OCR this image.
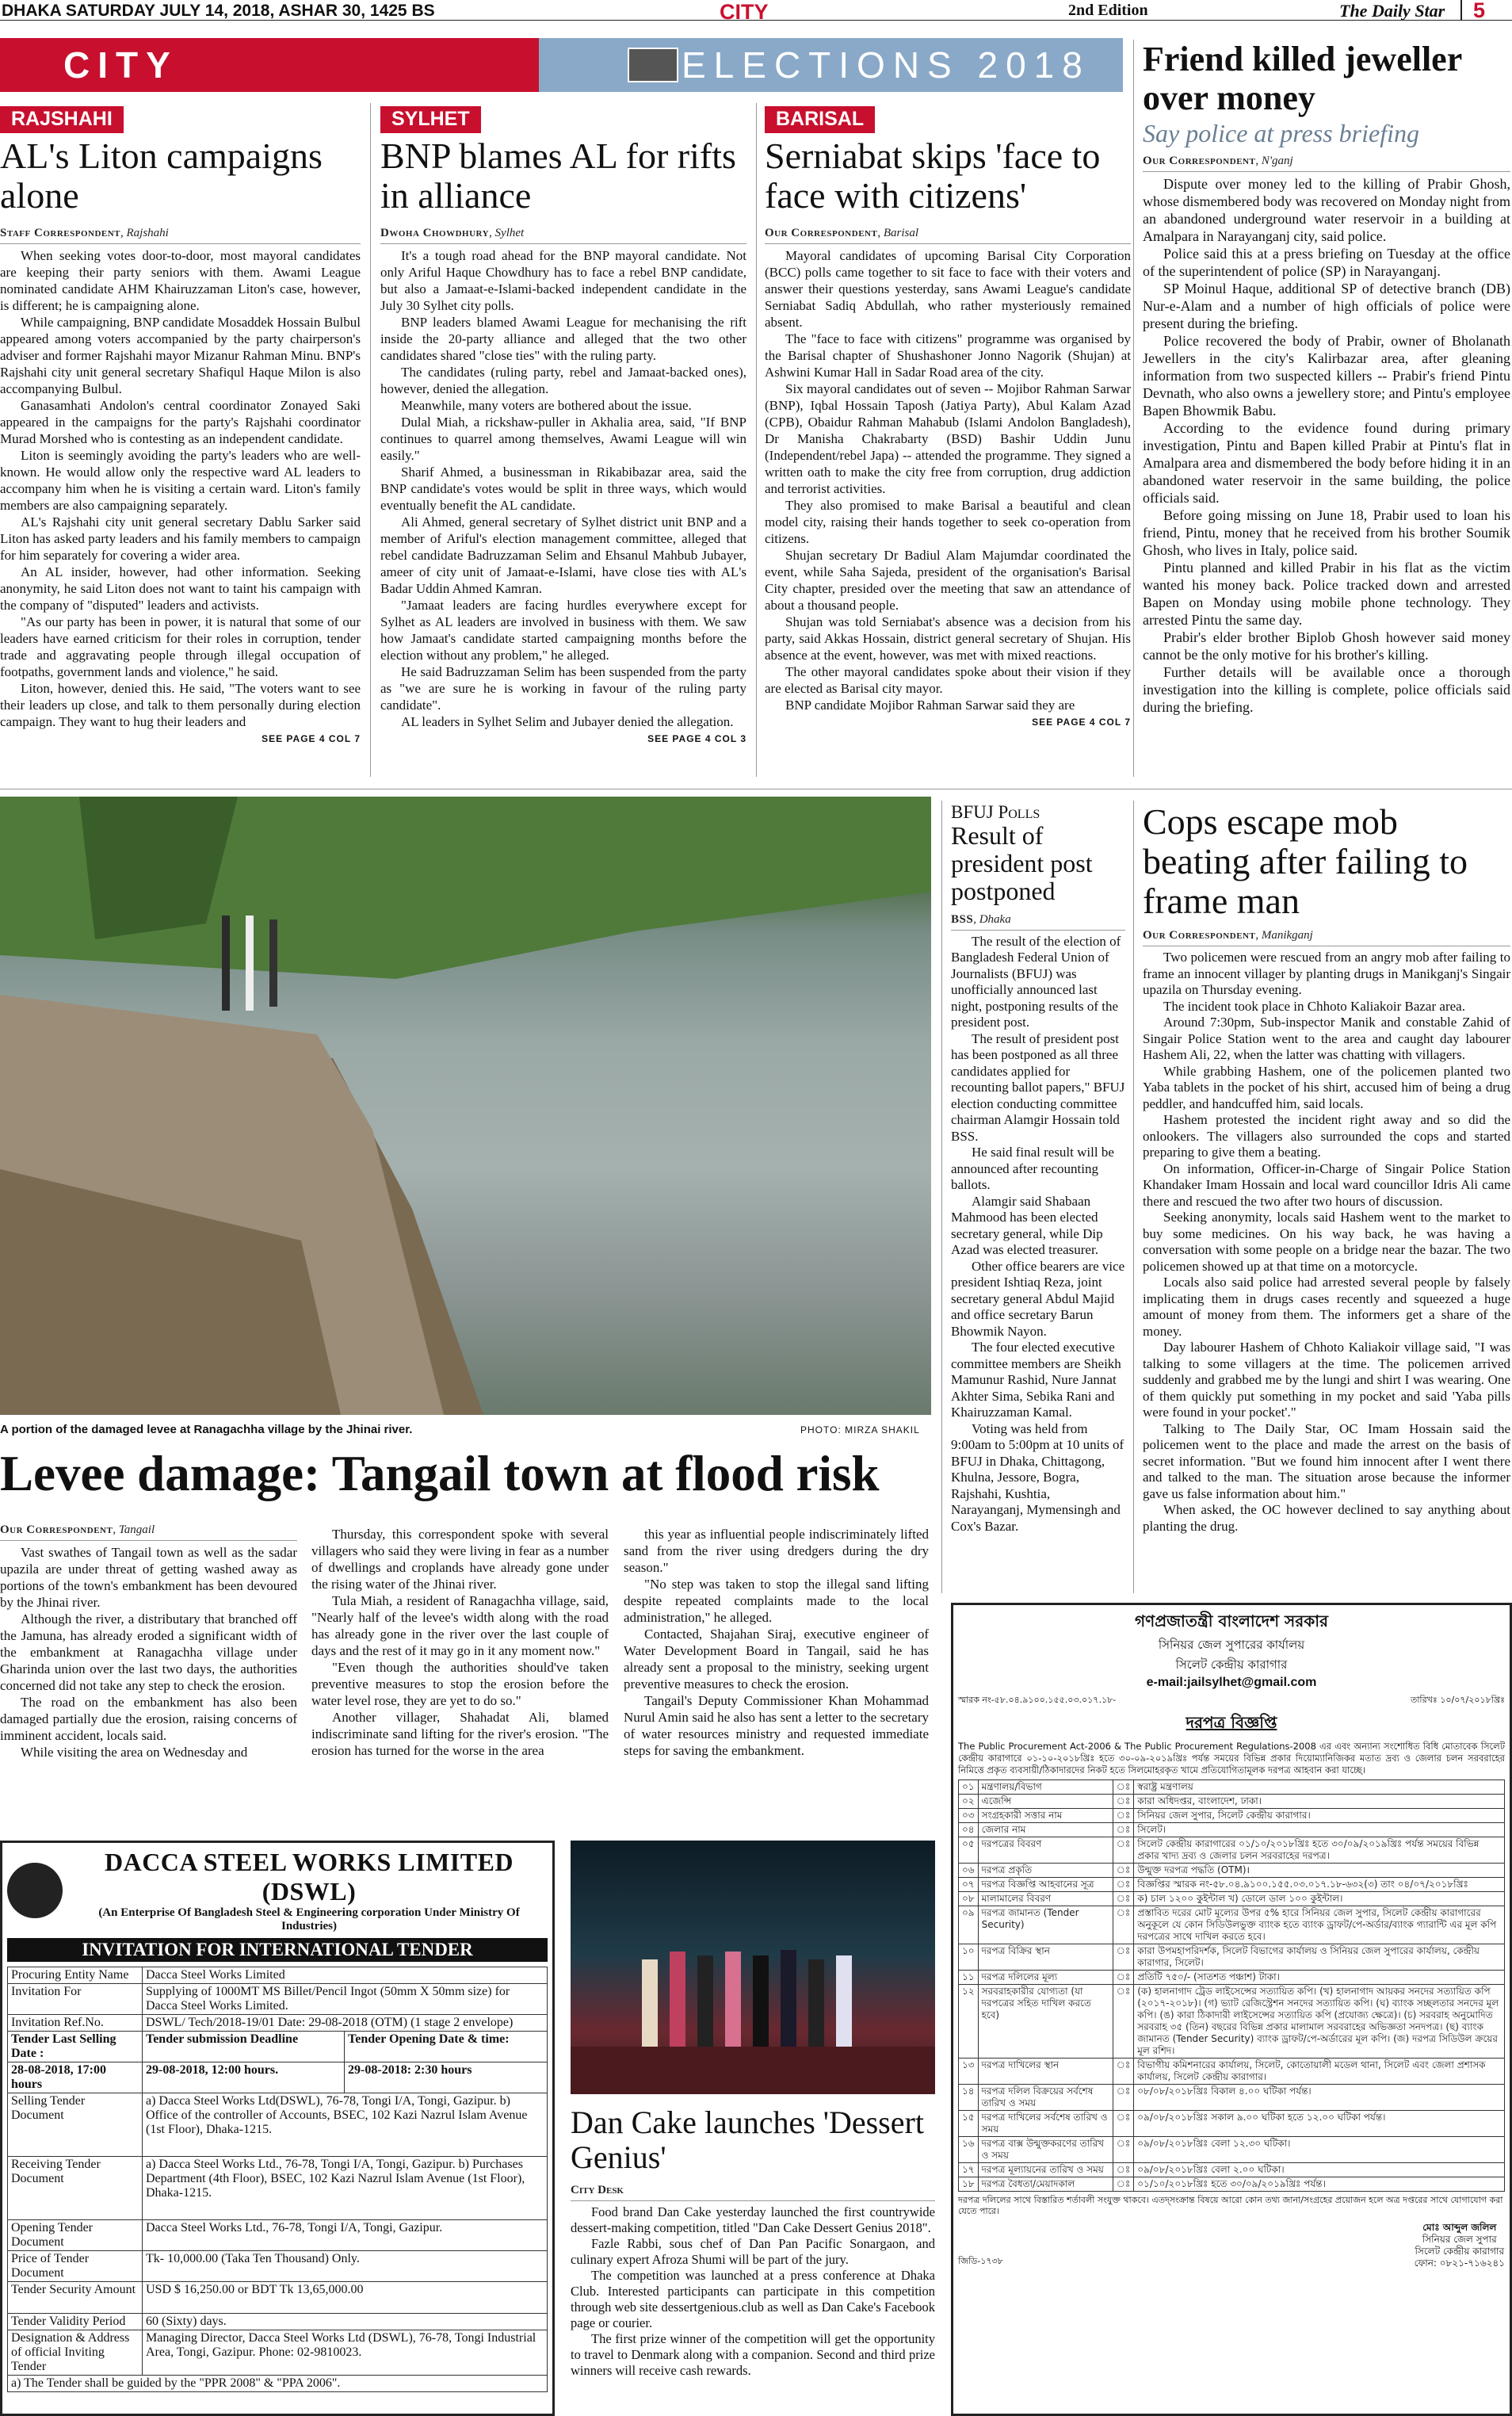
DHAKA SATURDAY JULY 14, 2018, ASHAR 30, 1425 BS	CITY	2nd Edition	The Daily Star	5
CITY	ELECTIONS 2018
RAJSHAHI
AL's Liton campaigns alone
Staff Correspondent, Rajshahi

When seeking votes door-to-door, most mayoral candidates are keeping their party seniors with them. Awami League nominated candidate AHM Khairuzzaman Liton's case, however, is different; he is campaigning alone.

While campaigning, BNP candidate Mosaddek Hossain Bulbul appeared among voters accompanied by the party chairperson's adviser and former Rajshahi mayor Mizanur Rahman Minu. BNP's Rajshahi city unit general secretary Shafiqul Haque Milon is also accompanying Bulbul.

Ganasamhati Andolon's central coordinator Zonayed Saki appeared in the campaigns for the party's Rajshahi coordinator Murad Morshed who is contesting as an independent candidate.

Liton is seemingly avoiding the party's leaders who are well-known. He would allow only the respective ward AL leaders to accompany him when he is visiting a certain ward. Liton's family members are also campaigning separately.

AL's Rajshahi city unit general secretary Dablu Sarker said Liton has asked party leaders and his family members to campaign for him separately for covering a wider area.

An AL insider, however, had other information. Seeking anonymity, he said Liton does not want to taint his campaign with the company of "disputed" leaders and activists.

"As our party has been in power, it is natural that some of our leaders have earned criticism for their roles in corruption, tender trade and aggravating people through illegal occupation of footpaths, government lands and violence," he said.

Liton, however, denied this. He said, "The voters want to see their leaders up close, and talk to them personally during election campaign. They want to hug their leaders and

SEE PAGE 4 COL 7
SYLHET
BNP blames AL for rifts in alliance
Dwoha Chowdhury, Sylhet

It's a tough road ahead for the BNP mayoral candidate. Not only Ariful Haque Chowdhury has to face a rebel BNP candidate, but also a Jamaat-e-Islami-backed independent candidate in the July 30 Sylhet city polls.

BNP leaders blamed Awami League for mechanising the rift inside the 20-party alliance and alleged that the two other candidates shared "close ties" with the ruling party.

The candidates (ruling party, rebel and Jamaat-backed ones), however, denied the allegation.

Meanwhile, many voters are bothered about the issue.

Dulal Miah, a rickshaw-puller in Akhalia area, said, "If BNP continues to quarrel among themselves, Awami League will win easily."

Sharif Ahmed, a businessman in Rikabibazar area, said the BNP candidate's votes would be split in three ways, which would eventually benefit the AL candidate.

Ali Ahmed, general secretary of Sylhet district unit BNP and a member of Ariful's election management committee, alleged that rebel candidate Badruzzaman Selim and Ehsanul Mahbub Jubayer, ameer of city unit of Jamaat-e-Islami, have close ties with AL's Badar Uddin Ahmed Kamran.

"Jamaat leaders are facing hurdles everywhere except for Sylhet as AL leaders are involved in business with them. We saw how Jamaat's candidate started campaigning months before the election without any problem," he alleged.

He said Badruzzaman Selim has been suspended from the party as "we are sure he is working in favour of the ruling party candidate".

AL leaders in Sylhet Selim and Jubayer denied the allegation.

SEE PAGE 4 COL 3
BARISAL
Serniabat skips 'face to face with citizens'
Our Correspondent, Barisal

Mayoral candidates of upcoming Barisal City Corporation (BCC) polls came together to sit face to face with their voters and answer their questions yesterday, sans Awami League's candidate Serniabat Sadiq Abdullah, who rather mysteriously remained absent.

The "face to face with citizens" programme was organised by the Barisal chapter of Shushashoner Jonno Nagorik (Shujan) at Ashwini Kumar Hall in Sadar Road area of the city.

Six mayoral candidates out of seven -- Mojibor Rahman Sarwar (BNP), Iqbal Hossain Taposh (Jatiya Party), Abul Kalam Azad (CPB), Obaidur Rahman Mahabub (Islami Andolon Bangladesh), Dr Manisha Chakrabarty (BSD) Bashir Uddin Junu (Independent/rebel Japa) -- attended the programme. They signed a written oath to make the city free from corruption, drug addiction and terrorist activities.

They also promised to make Barisal a beautiful and clean model city, raising their hands together to seek co-operation from citizens.

Shujan secretary Dr Badiul Alam Majumdar coordinated the event, while Saha Sajeda, president of the organisation's Barisal City chapter, presided over the meeting that saw an attendance of about a thousand people.

Shujan was told Serniabat's absence was a decision from his party, said Akkas Hossain, district general secretary of Shujan. His absence at the event, however, was met with mixed reactions.

The other mayoral candidates spoke about their vision if they are elected as Barisal city mayor.

BNP candidate Mojibor Rahman Sarwar said they are

SEE PAGE 4 COL 7
Friend killed jeweller over money
Say police at press briefing
Our Correspondent, N'ganj

Dispute over money led to the killing of Prabir Ghosh, whose dismembered body was recovered on Monday night from an abandoned underground water reservoir in a building at Amalpara in Narayanganj city, said police.

Police said this at a press briefing on Tuesday at the office of the superintendent of police (SP) in Narayanganj.

SP Moinul Haque, additional SP of detective branch (DB) Nur-e-Alam and a number of high officials of police were present during the briefing.

Police recovered the body of Prabir, owner of Bholanath Jewellers in the city's Kalirbazar area, after gleaning information from two suspected killers -- Prabir's friend Pintu Devnath, who also owns a jewellery store; and Pintu's employee Bapen Bhowmik Babu.

According to the evidence found during primary investigation, Pintu and Bapen killed Prabir at Pintu's flat in Amalpara area and dismembered the body before hiding it in an abandoned water reservoir in the same building, the police officials said.

Before going missing on June 18, Prabir used to loan his friend, Pintu, money that he received from his brother Soumik Ghosh, who lives in Italy, police said.

Pintu planned and killed Prabir in his flat as the victim wanted his money back. Police tracked down and arrested Bapen on Monday using mobile phone technology. They arrested Pintu the same day.

Prabir's elder brother Biplob Ghosh however said money cannot be the only motive for his brother's killing.

Further details will be available once a thorough investigation into the killing is complete, police officials said during the briefing.

A portion of the damaged levee at Ranagachha village by the Jhinai river.	PHOTO: MIRZA SHAKIL
Levee damage: Tangail town at flood risk
Our Correspondent, Tangail

Vast swathes of Tangail town as well as the sadar upazila are under threat of getting washed away as portions of the town's embankment has been devoured by the Jhinai river.

Although the river, a distributary that branched off the Jamuna, has already eroded a significant width of the embankment at Ranagachha village under Gharinda union over the last two days, the authorities concerned did not take any step to check the erosion.

The road on the embankment has also been damaged partially due the erosion, raising concerns of imminent accident, locals said.

While visiting the area on Wednesday and

Thursday, this correspondent spoke with several villagers who said they were living in fear as a number of dwellings and croplands have already gone under the rising water of the Jhinai river.

Tula Miah, a resident of Ranagachha village, said, "Nearly half of the levee's width along with the road has already gone in the river over the last couple of days and the rest of it may go in it any moment now."

"Even though the authorities should've taken preventive measures to stop the erosion before the water level rose, they are yet to do so."

Another villager, Shahadat Ali, blamed indiscriminate sand lifting for the river's erosion. "The erosion has turned for the worse in the area

this year as influential people indiscriminately lifted sand from the river using dredgers during the dry season."

"No step was taken to stop the illegal sand lifting despite repeated complaints made to the local administration," he alleged.

Contacted, Shajahan Siraj, executive engineer of Water Development Board in Tangail, said he has already sent a proposal to the ministry, seeking urgent preventive measures to check the erosion.

Tangail's Deputy Commissioner Khan Mohammad Nurul Amin said he also has sent a letter to the secretary of water resources ministry and requested immediate steps for saving the embankment.

BFUJ Polls
Result of president post postponed
BSS, Dhaka

The result of the election of Bangladesh Federal Union of Journalists (BFUJ) was unofficially announced last night, postponing results of the president post.

The result of president post has been postponed as all three candidates applied for recounting ballot papers," BFUJ election conducting committee chairman Alamgir Hossain told BSS.

He said final result will be announced after recounting ballots.

Alamgir said Shabaan Mahmood has been elected secretary general, while Dip Azad was elected treasurer.

Other office bearers are vice president Ishtiaq Reza, joint secretary general Abdul Majid and office secretary Barun Bhowmik Nayon.

The four elected executive committee members are Sheikh Mamunur Rashid, Nure Jannat Akhter Sima, Sebika Rani and Khairuzzaman Kamal.

Voting was held from 9:00am to 5:00pm at 10 units of BFUJ in Dhaka, Chittagong, Khulna, Jessore, Bogra, Rajshahi, Kushtia, Narayanganj, Mymensingh and Cox's Bazar.

Cops escape mob beating after failing to frame man
Our Correspondent, Manikganj

Two policemen were rescued from an angry mob after failing to frame an innocent villager by planting drugs in Manikganj's Singair upazila on Thursday evening.

The incident took place in Chhoto Kaliakoir Bazar area.

Around 7:30pm, Sub-inspector Manik and constable Zahid of Singair Police Station went to the area and caught day labourer Hashem Ali, 22, when the latter was chatting with villagers.

While grabbing Hashem, one of the policemen planted two Yaba tablets in the pocket of his shirt, accused him of being a drug peddler, and handcuffed him, said locals.

Hashem protested the incident right away and so did the onlookers. The villagers also surrounded the cops and started preparing to give them a beating.

On information, Officer-in-Charge of Singair Police Station Khandaker Imam Hossain and local ward councillor Idris Ali came there and rescued the two after two hours of discussion.

Seeking anonymity, locals said Hashem went to the market to buy some medicines. On his way back, he was having a conversation with some people on a bridge near the bazar. The two policemen showed up at that time on a motorcycle.

Locals also said police had arrested several people by falsely implicating them in drugs cases recently and squeezed a huge amount of money from them. The informers get a share of the money.

Day labourer Hashem of Chhoto Kaliakoir village said, "I was talking to some villagers at the time. The policemen arrived suddenly and grabbed me by the lungi and shirt I was wearing. One of them quickly put something in my pocket and said 'Yaba pills were found in your pocket'."

Talking to The Daily Star, OC Imam Hossain said the policemen went to the place and made the arrest on the basis of secret information. "But we found him innocent after I went there and talked to the man. The situation arose because the informer gave us false information about him."

When asked, the OC however declined to say anything about planting the drug.

DACCA STEEL WORKS LIMITED (DSWL)
(An Enterprise Of Bangladesh Steel & Engineering corporation Under Ministry Of Industries)
INVITATION FOR INTERNATIONAL TENDER
Procuring Entity Name	Dacca Steel Works Limited	
Invitation For	Supplying of 1000MT MS Billet/Pencil Ingot (50mm X 50mm size) for Dacca Steel Works Limited.	
Invitation Ref.No.	DSWL/ Tech/2018-19/01 Date: 29-08-2018 (OTM) (1 stage 2 envelope)	
Tender Last Selling Date :	Tender submission Deadline	Tender Opening Date & time:
28-08-2018, 17:00 hours	29-08-2018, 12:00 hours.	29-08-2018: 2:30 hours
Selling Tender Document	a) Dacca Steel Works Ltd(DSWL), 76-78, Tongi I/A, Tongi, Gazipur. b) Office of the controller of Accounts, BSEC, 102 Kazi Nazrul Islam Avenue (1st Floor), Dhaka-1215.	
Receiving Tender Document	a) Dacca Steel Works Ltd., 76-78, Tongi I/A, Tongi, Gazipur. b) Purchases Department (4th Floor), BSEC, 102 Kazi Nazrul Islam Avenue (1st Floor), Dhaka-1215.	
Opening Tender Document	Dacca Steel Works Ltd., 76-78, Tongi I/A, Tongi, Gazipur.	
Price of Tender Document	Tk- 10,000.00 (Taka Ten Thousand) Only.	
Tender Security Amount	USD $ 16,250.00 or BDT Tk 13,65,000.00	
Tender Validity Period	60 (Sixty) days.	
Designation & Address of official Inviting Tender	Managing Director, Dacca Steel Works Ltd (DSWL), 76-78, Tongi Industrial Area, Tongi, Gazipur. Phone: 02-9810023.	
a) The Tender shall be guided by the "PPR 2008" & "PPA 2006".		
Dan Cake launches 'Dessert Genius'
City Desk

Food brand Dan Cake yesterday launched the first countrywide dessert-making competition, titled "Dan Cake Dessert Genius 2018".

Fazle Rabbi, sous chef of Dan Pan Pacific Sonargaon, and culinary expert Afroza Shumi will be part of the jury.

The competition was launched at a press conference at Dhaka Club. Interested participants can participate in this competition through web site dessertgenious.club as well as Dan Cake's Facebook page or courier.

The first prize winner of the competition will get the opportunity to travel to Denmark along with a companion. Second and third prize winners will receive cash rewards.

গণপ্রজাতন্ত্রী বাংলাদেশ সরকার
সিনিয়র জেল সুপারের কার্যালয়
সিলেট কেন্দ্রীয় কারাগার
e-mail:jailsylhet@gmail.com
স্মারক নং-৫৮.০৪.৯১০০.১৫৫.০৩.০১৭.১৮-	তারিখঃ ১০/০৭/২০১৮খ্রিঃ
দরপত্র বিজ্ঞপ্তি
The Public Procurement Act-2006 & The Public Procurement Regulations-2008 এর এবং অন্যান্য সংশোধিত বিধি মোতাবেক সিলেট কেন্দ্রীয় কারাগারে ০১-১০-২০১৮খ্রিঃ হতে ৩০-০৯-২০১৯খ্রিঃ পর্যন্ত সময়ের বিভিন্ন প্রকার দিয়োম্যানিজিকর মতাত দ্রব্য ও জেলার চলন সরবরাহের নিমিত্তে প্রকৃত ব্যবসায়ী/ঠিকাদারদের নিকট হতে সিলমোহরকৃত খামে প্রতিযোগিতামূলক দরপত্র আহবান করা যাচ্ছে।
০১	মন্ত্রণালয়/বিভাগ	ঃ	স্বরাষ্ট্র মন্ত্রণালয়
০২	এজেন্সি	ঃ	কারা অধিদপ্তর, বাংলাদেশ, ঢাকা।
০৩	সংগ্রহকারী সত্তার নাম	ঃ	সিনিয়র জেল সুপার, সিলেট কেন্দ্রীয় কারাগার।
০৪	জেলার নাম	ঃ	সিলেট।
০৫	দরপত্রের বিবরণ	ঃ	সিলেট কেন্দ্রীয় কারাগারের ০১/১০/২০১৮খ্রিঃ হতে ৩০/০৯/২০১৯খ্রিঃ পর্যন্ত সময়ের বিভিন্ন প্রকার খাদ্য দ্রব্য ও জেলার চলন সরবরাহের দরপত্র।
০৬	দরপত্র প্রকৃতি	ঃ	উন্মুক্ত দরপত্র পদ্ধতি (OTM)।
০৭	দরপত্র বিজ্ঞপ্তি আহবানের সূত্র	ঃ	বিজ্ঞপ্তির স্মারক নং-৫৮.০৪.৯১০০.১৫৫.০৩.০১৭.১৮-৬৩২(৩) তাং ০৪/০৭/২০১৮খ্রিঃ
০৮	মালামালের বিবরণ	ঃ	ক) চাল ১২০০ কুইন্টাল খ) ডোলে ডাল ১০০ কুইন্টাল।
০৯	দরপত্র জামানত (Tender Security)	ঃ	প্রস্তাবিত দরের মোট মূল্যের উপর ৫% হারে সিনিয়র জেল সুপার, সিলেট কেন্দ্রীয় কারাগারের অনুকূলে যে কোন সিডিউলভুক্ত ব্যাংক হতে ব্যাংক ড্রাফট/পে-অর্ডার/ব্যাংক গ্যারান্টি এর মূল কপি দরপত্রের সাথে দাখিল করতে হবে।
১০	দরপত্র বিক্রির স্থান	ঃ	কারা উপমহাপরিদর্শক, সিলেট বিভাগের কার্যালয় ও সিনিয়র জেল সুপারের কার্যালয়, কেন্দ্রীয় কারাগার, সিলেট।
১১	দরপত্র দলিলের মূল্য	ঃ	প্রতিটি ৭৫০/- (সাতশত পঞ্চাশ) টাকা।
১২	সরবরাহকারীর যোগ্যতা (যা দরপত্রের সহিত দাখিল করতে হবে)	ঃ	(ক) হালনাগাদ ট্রেড লাইসেন্সের সত্যায়িত কপি। (খ) হালনাগাদ আয়কর সনদের সত্যায়িত কপি (২০১৭-২০১৮)। (গ) ভ্যাট রেজিস্ট্রেশন সনদের সত্যায়িত কপি। (ঘ) ব্যাংক সচ্ছলতার সনদের মূল কপি। (ঙ) কারা ঠিকাদারী লাইসেন্সের সত্যায়িত কপি (প্রযোজ্য ক্ষেত্রে)। (চ) সরবরাহ অনুমোদিত সরবরাহ ৩৫ (তিন) বছরের বিভিন্ন প্রকার মালামাল সরবরাহের অভিজ্ঞতা সনদপত্র। (ছ) ব্যাংক জামানত (Tender Security) ব্যাংক ড্রাফট/পে-অর্ডারের মূল কপি। (জ) দরপত্র সিডিউল ক্রয়ের মূল রশিদ।
১৩	দরপত্র দাখিলের স্থান	ঃ	বিভাগীয় কমিশনারের কার্যালয়, সিলেট, কোতোয়ালী মডেল থানা, সিলেট এবং জেলা প্রশাসক কার্যালয়, সিলেট কেন্দ্রীয় কারাগার।
১৪	দরপত্র দলিল বিক্রয়ের সর্বশেষ তারিখ ও সময়	ঃ	০৮/০৮/২০১৮খ্রিঃ বিকাল ৪.০০ ঘটিকা পর্যন্ত।
১৫	দরপত্র দাখিলের সর্বশেষ তারিখ ও সময়	ঃ	০৯/০৮/২০১৮খ্রিঃ সকাল ৯.০০ ঘটিকা হতে ১২.০০ ঘটিকা পর্যন্ত।
১৬	দরপত্র বাক্স উন্মুক্তকরণের তারিখ ও সময়	ঃ	০৯/০৮/২০১৮খ্রিঃ বেলা ১২.৩০ ঘটিকা।
১৭	দরপত্র মূল্যায়নের তারিখ ও সময়	ঃ	০৯/০৮/২০১৮খ্রিঃ বেলা ২.০০ ঘটিকা।
১৮	দরপত্র বৈধতা/মেয়াদকাল	ঃ	০১/১০/২০১৮খ্রিঃ হতে ৩০/০৯/২০১৯খ্রিঃ পর্যন্ত।
দরপত্র দলিলের সাথে বিস্তারিত শর্তাবলী সংযুক্ত থাকবে। এতদ্‌সংক্রান্ত বিষয়ে আরো কোন তথ্য জানা/সংগ্রহের প্রয়োজন হলে অত্র দপ্তরের সাথে যোগাযোগ করা যেতে পারে।
জিডি-১৭৩৮
মোঃ আব্দুল জলিল
সিনিয়র জেল সুপার
সিলেট কেন্দ্রীয় কারাগার
ফোন: ০৮২১-৭১৬২৪১
